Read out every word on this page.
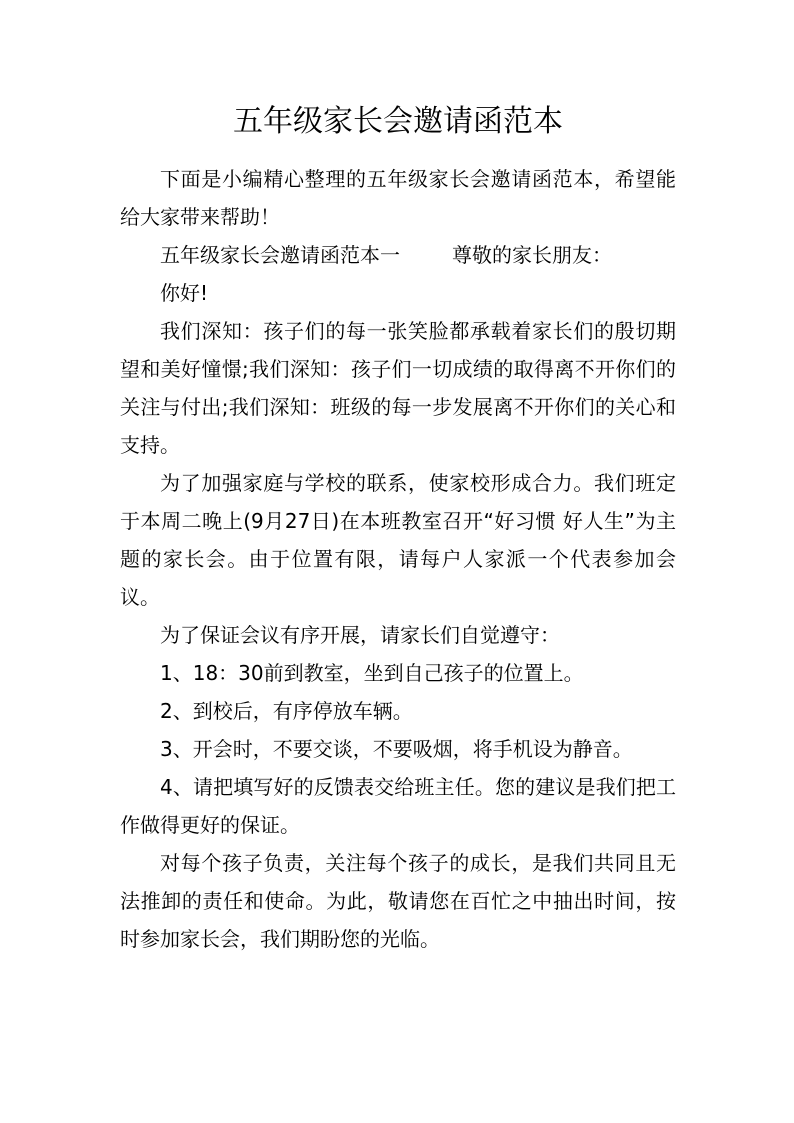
五年级家长会邀请函范本

下面是小编精心整理的五年级家长会邀请函范本，希望能给大家带来帮助！

五年级家长会邀请函范本一	尊敬的家长朋友：

你好!

我们深知：孩子们的每一张笑脸都承载着家长们的殷切期望和美好憧憬;我们深知：孩子们一切成绩的取得离不开你们的关注与付出;我们深知：班级的每一步发展离不开你们的关心和支持。

为了加强家庭与学校的联系，使家校形成合力。我们班定于本周二晚上(9月27日)在本班教室召开“好习惯 好人生”为主题的家长会。由于位置有限，请每户人家派一个代表参加会议。

为了保证会议有序开展，请家长们自觉遵守：

1、18：30前到教室，坐到自己孩子的位置上。

2、到校后，有序停放车辆。

3、开会时，不要交谈，不要吸烟，将手机设为静音。

4、请把填写好的反馈表交给班主任。您的建议是我们把工作做得更好的保证。

对每个孩子负责，关注每个孩子的成长，是我们共同且无法推卸的责任和使命。为此，敬请您在百忙之中抽出时间，按时参加家长会，我们期盼您的光临。
